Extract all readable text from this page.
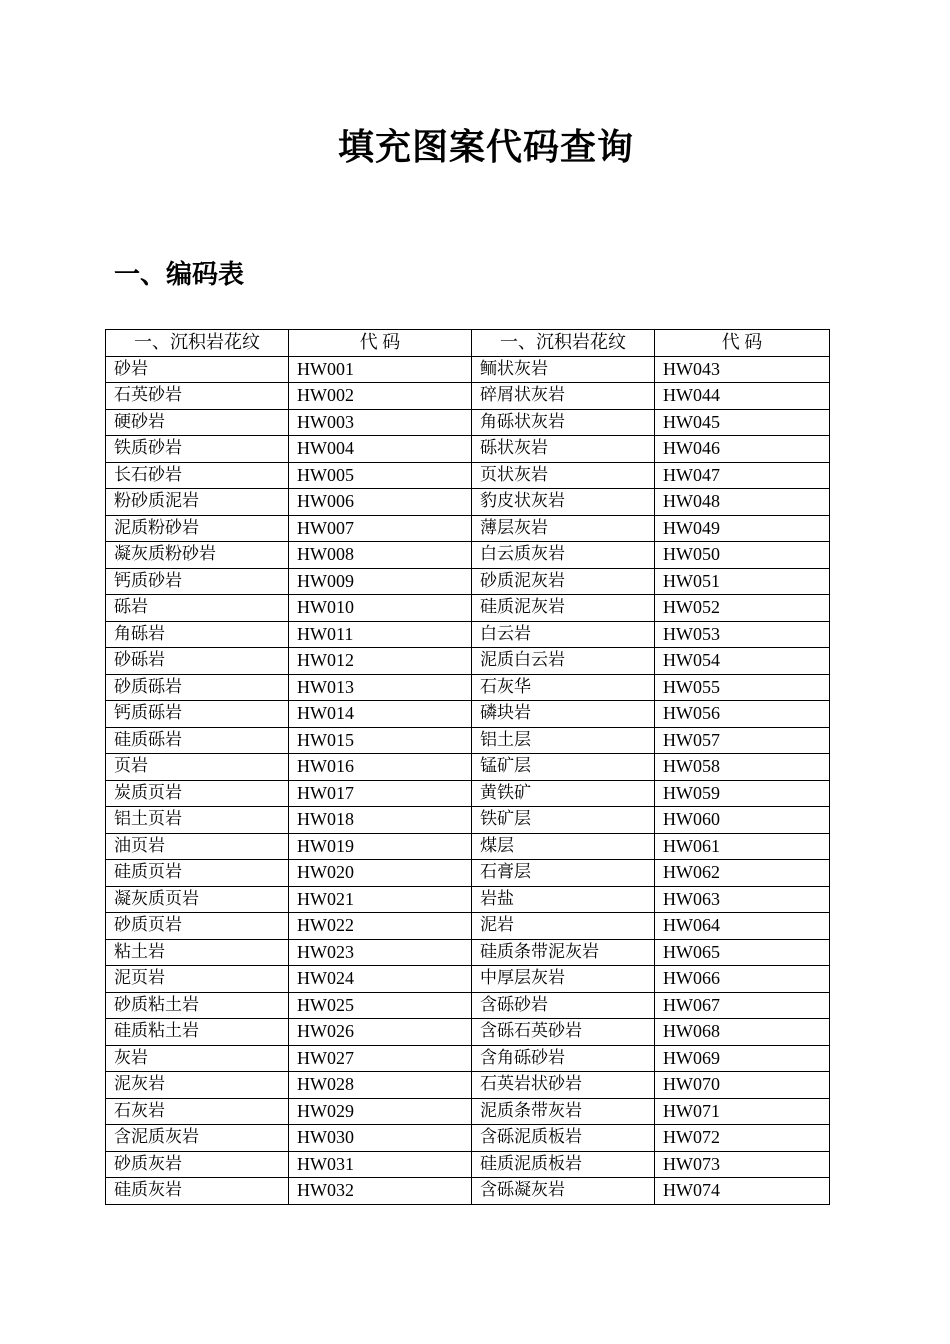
填充图案代码查询
一、编码表
一、沉积岩花纹	代 码	一、沉积岩花纹	代 码
砂岩	HW001	鲕状灰岩	HW043
石英砂岩	HW002	碎屑状灰岩	HW044
硬砂岩	HW003	角砾状灰岩	HW045
铁质砂岩	HW004	砾状灰岩	HW046
长石砂岩	HW005	页状灰岩	HW047
粉砂质泥岩	HW006	豹皮状灰岩	HW048
泥质粉砂岩	HW007	薄层灰岩	HW049
凝灰质粉砂岩	HW008	白云质灰岩	HW050
钙质砂岩	HW009	砂质泥灰岩	HW051
砾岩	HW010	硅质泥灰岩	HW052
角砾岩	HW011	白云岩	HW053
砂砾岩	HW012	泥质白云岩	HW054
砂质砾岩	HW013	石灰华	HW055
钙质砾岩	HW014	磷块岩	HW056
硅质砾岩	HW015	铝土层	HW057
页岩	HW016	锰矿层	HW058
炭质页岩	HW017	黄铁矿	HW059
铝土页岩	HW018	铁矿层	HW060
油页岩	HW019	煤层	HW061
硅质页岩	HW020	石膏层	HW062
凝灰质页岩	HW021	岩盐	HW063
砂质页岩	HW022	泥岩	HW064
粘土岩	HW023	硅质条带泥灰岩	HW065
泥页岩	HW024	中厚层灰岩	HW066
砂质粘土岩	HW025	含砾砂岩	HW067
硅质粘土岩	HW026	含砾石英砂岩	HW068
灰岩	HW027	含角砾砂岩	HW069
泥灰岩	HW028	石英岩状砂岩	HW070
石灰岩	HW029	泥质条带灰岩	HW071
含泥质灰岩	HW030	含砾泥质板岩	HW072
砂质灰岩	HW031	硅质泥质板岩	HW073
硅质灰岩	HW032	含砾凝灰岩	HW074
